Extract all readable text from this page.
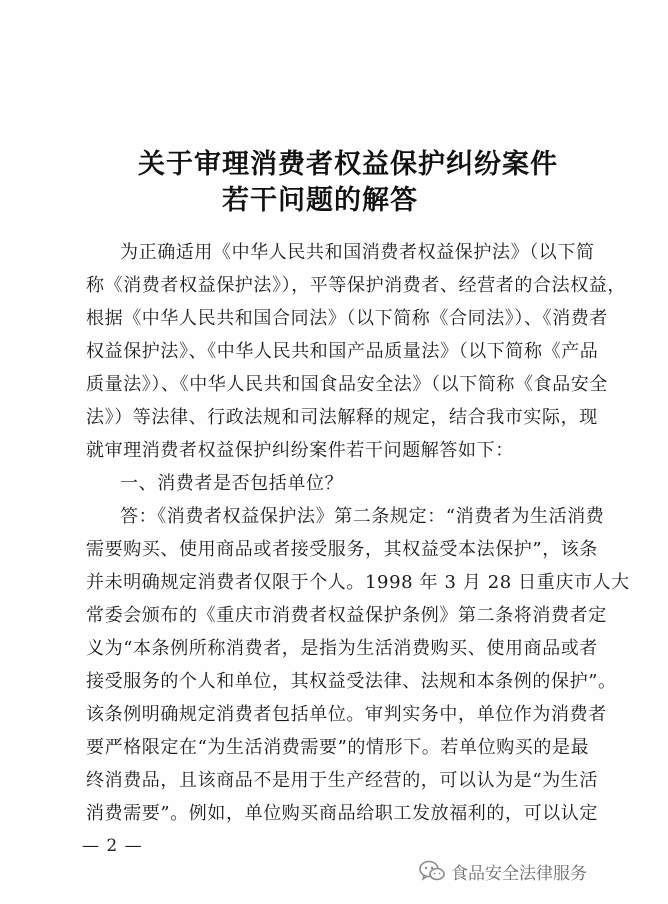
关于审理消费者权益保护纠纷案件
若干问题的解答
为正确适用《中华人民共和国消费者权益保护法》（以下简
称《消费者权益保护法》），平等保护消费者、经营者的合法权益，
根据《中华人民共和国合同法》（以下简称《合同法》）、《消费者
权益保护法》、《中华人民共和国产品质量法》（以下简称《产品
质量法》）、《中华人民共和国食品安全法》（以下简称《食品安全
法》）等法律、行政法规和司法解释的规定，结合我市实际，现
就审理消费者权益保护纠纷案件若干问题解答如下：
一、消费者是否包括单位？
答：《消费者权益保护法》第二条规定：“消费者为生活消费
需要购买、使用商品或者接受服务，其权益受本法保护”，该条
并未明确规定消费者仅限于个人。1998 年 3 月 28 日重庆市人大
常委会颁布的《重庆市消费者权益保护条例》第二条将消费者定
义为“本条例所称消费者，是指为生活消费购买、使用商品或者
接受服务的个人和单位，其权益受法律、法规和本条例的保护”。
该条例明确规定消费者包括单位。审判实务中，单位作为消费者
要严格限定在“为生活消费需要”的情形下。若单位购买的是最
终消费品，且该商品不是用于生产经营的，可以认为是“为生活
消费需要”。例如，单位购买商品给职工发放福利的，可以认定
— 2 —
食品安全法律服务
